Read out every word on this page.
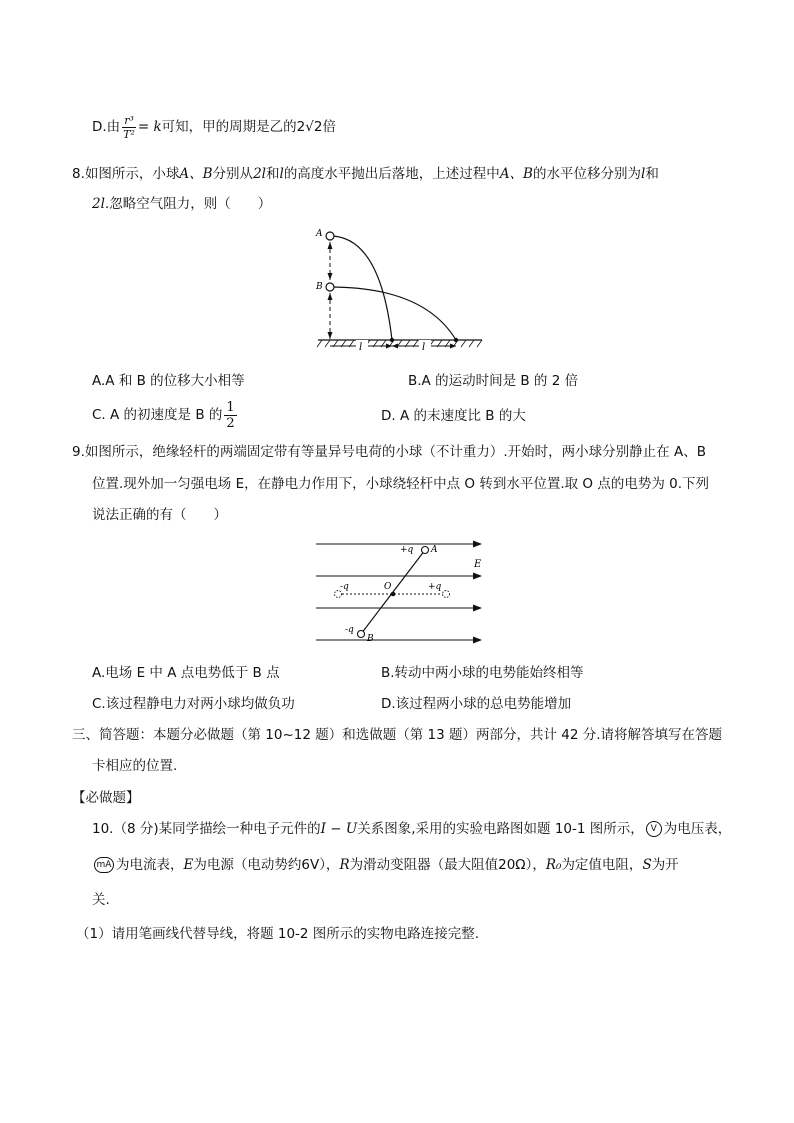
D.由 $\frac{\text{r³}}{\text{T²}} = k$可知，甲的周期是乙的2√2倍
8.如图所示，小球A、B分别从2l和l的高度水平抛出后落地，上述过程中A、B的水平位移分别为l和
2l.忽略空气阻力，则（　　）
A
B
l	l
A.A 和 B 的位移大小相等	B.A 的运动时间是 B 的 2 倍
C. A 的初速度是 B 的 $\frac{1}{2}$	D. A 的末速度比 B 的大
9.如图所示，绝缘轻杆的两端固定带有等量异号电荷的小球（不计重力）.开始时，两小球分别静止在 A、B
位置.现外加一匀强电场 E，在静电力作用下，小球绕轻杆中点 O 转到水平位置.取 O 点的电势为 0.下列
说法正确的有（　　）
+q A
E
-q	O	+q
-q
B
A.电场 E 中 A 点电势低于 B 点	B.转动中两小球的电势能始终相等
C.该过程静电力对两小球均做负功	D.该过程两小球的总电势能增加
三、简答题：本题分必做题（第 10~12 题）和选做题（第 13 题）两部分，共计 42 分.请将解答填写在答题
卡相应的位置.
【必做题】
10.（8 分)某同学描绘一种电子元件的I − U关系图象,采用的实验电路图如题 10-1 图所示， V 为电压表，
mA 为电流表，E为电源（电动势约6V），R为滑动变阻器（最大阻值20Ω），R₀为定值电阻，S为开
关.
（1）请用笔画线代替导线，将题 10-2 图所示的实物电路连接完整.
